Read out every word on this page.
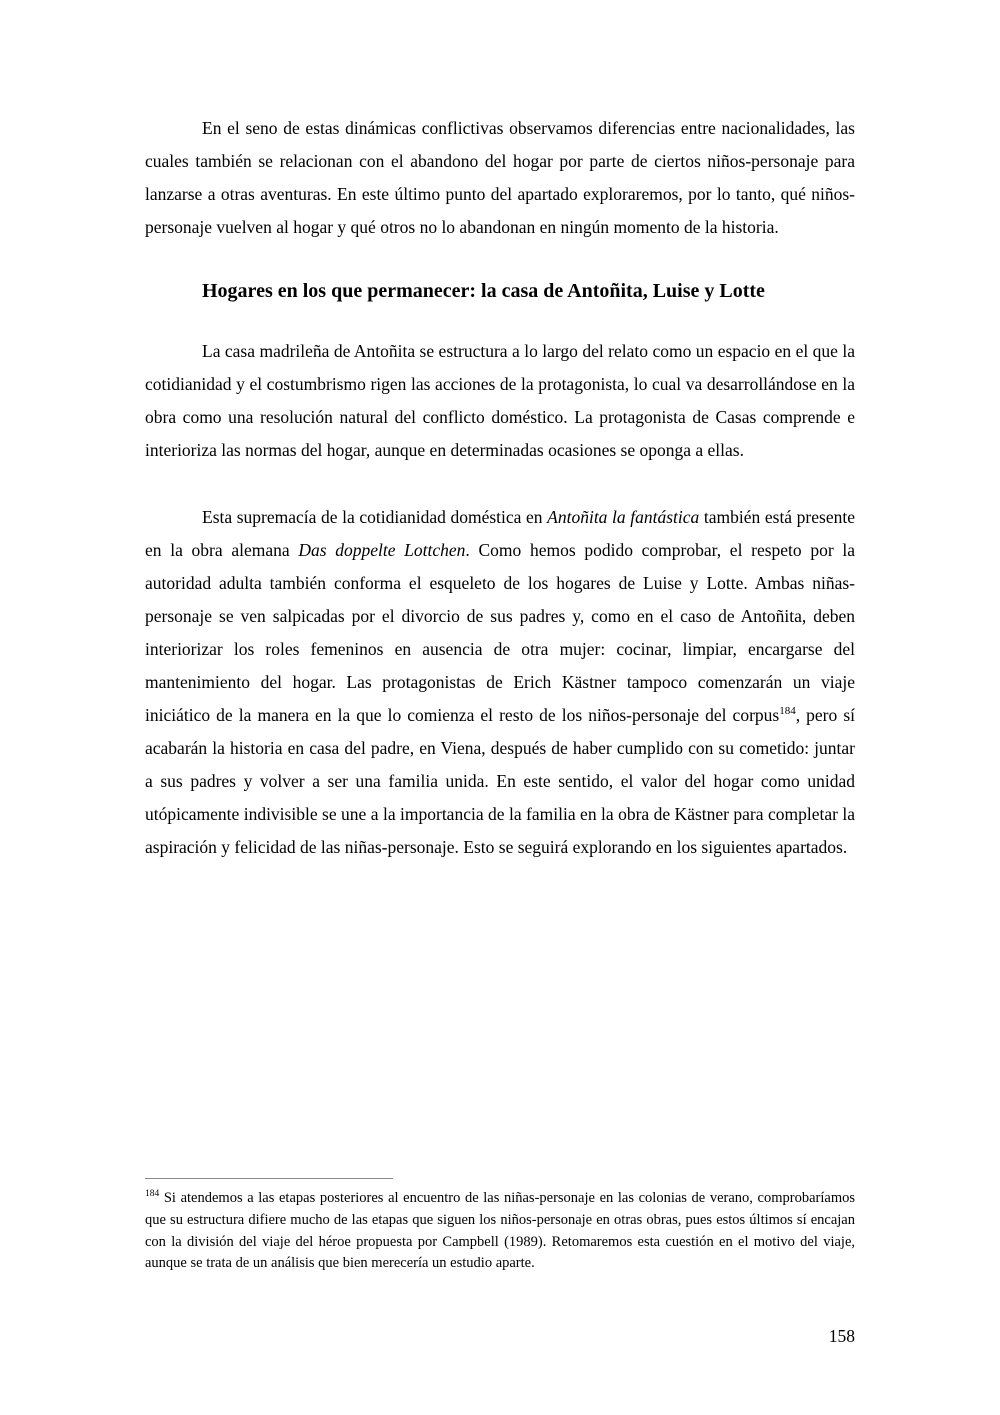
En el seno de estas dinámicas conflictivas observamos diferencias entre nacionalidades, las cuales también se relacionan con el abandono del hogar por parte de ciertos niños-personaje para lanzarse a otras aventuras. En este último punto del apartado exploraremos, por lo tanto, qué niños-personaje vuelven al hogar y qué otros no lo abandonan en ningún momento de la historia.

Hogares en los que permanecer: la casa de Antoñita, Luise y Lotte

La casa madrileña de Antoñita se estructura a lo largo del relato como un espacio en el que la cotidianidad y el costumbrismo rigen las acciones de la protagonista, lo cual va desarrollándose en la obra como una resolución natural del conflicto doméstico. La protagonista de Casas comprende e interioriza las normas del hogar, aunque en determinadas ocasiones se oponga a ellas.

Esta supremacía de la cotidianidad doméstica en Antoñita la fantástica también está presente en la obra alemana Das doppelte Lottchen. Como hemos podido comprobar, el respeto por la autoridad adulta también conforma el esqueleto de los hogares de Luise y Lotte. Ambas niñas-personaje se ven salpicadas por el divorcio de sus padres y, como en el caso de Antoñita, deben interiorizar los roles femeninos en ausencia de otra mujer: cocinar, limpiar, encargarse del mantenimiento del hogar. Las protagonistas de Erich Kästner tampoco comenzarán un viaje iniciático de la manera en la que lo comienza el resto de los niños-personaje del corpus$^{184}$, pero sí acabarán la historia en casa del padre, en Viena, después de haber cumplido con su cometido: juntar a sus padres y volver a ser una familia unida. En este sentido, el valor del hogar como unidad utópicamente indivisible se une a la importancia de la familia en la obra de Kästner para completar la aspiración y felicidad de las niñas-personaje. Esto se seguirá explorando en los siguientes apartados.

$^{184}$ Si atendemos a las etapas posteriores al encuentro de las niñas-personaje en las colonias de verano, comprobaríamos que su estructura difiere mucho de las etapas que siguen los niños-personaje en otras obras, pues estos últimos sí encajan con la división del viaje del héroe propuesta por Campbell (1989). Retomaremos esta cuestión en el motivo del viaje, aunque se trata de un análisis que bien merecería un estudio aparte.

158
